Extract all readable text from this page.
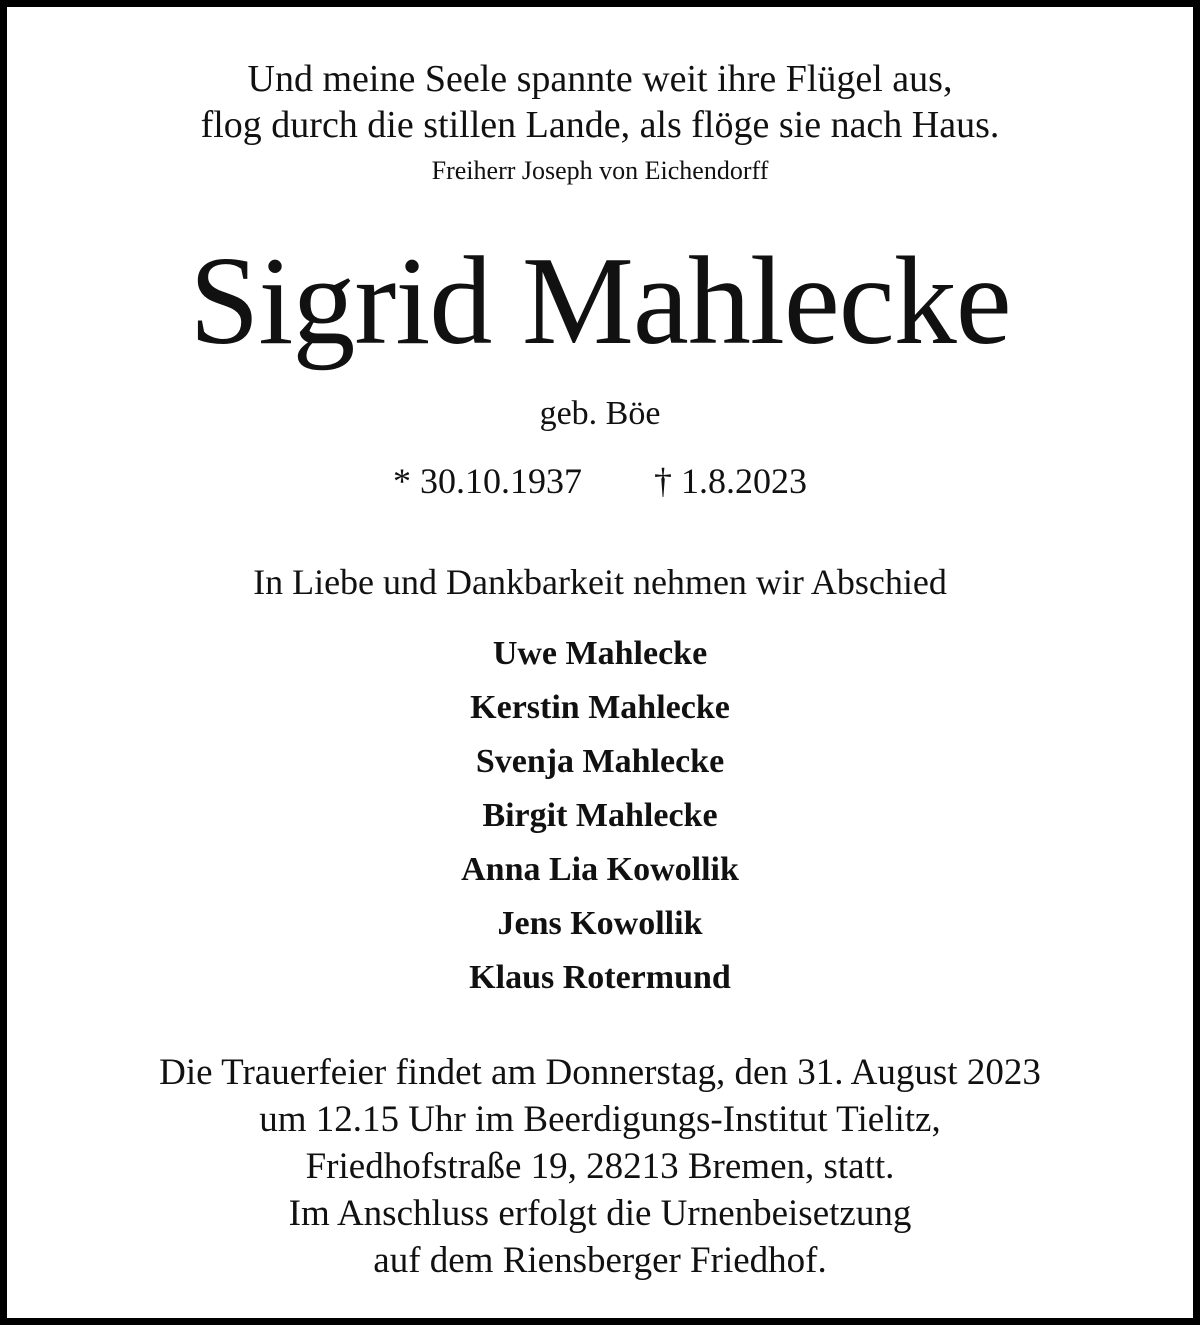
Und meine Seele spannte weit ihre Flügel aus,
flog durch die stillen Lande, als flöge sie nach Haus.
Freiherr Joseph von Eichendorff
Sigrid Mahlecke
geb. Böe
* 30.10.1937 † 1.8.2023
In Liebe und Dankbarkeit nehmen wir Abschied
Uwe Mahlecke
Kerstin Mahlecke
Svenja Mahlecke
Birgit Mahlecke
Anna Lia Kowollik
Jens Kowollik
Klaus Rotermund
Die Trauerfeier findet am Donnerstag, den 31. August 2023
um 12.15 Uhr im Beerdigungs-Institut Tielitz,
Friedhofstraße 19, 28213 Bremen, statt.
Im Anschluss erfolgt die Urnenbeisetzung
auf dem Riensberger Friedhof.
